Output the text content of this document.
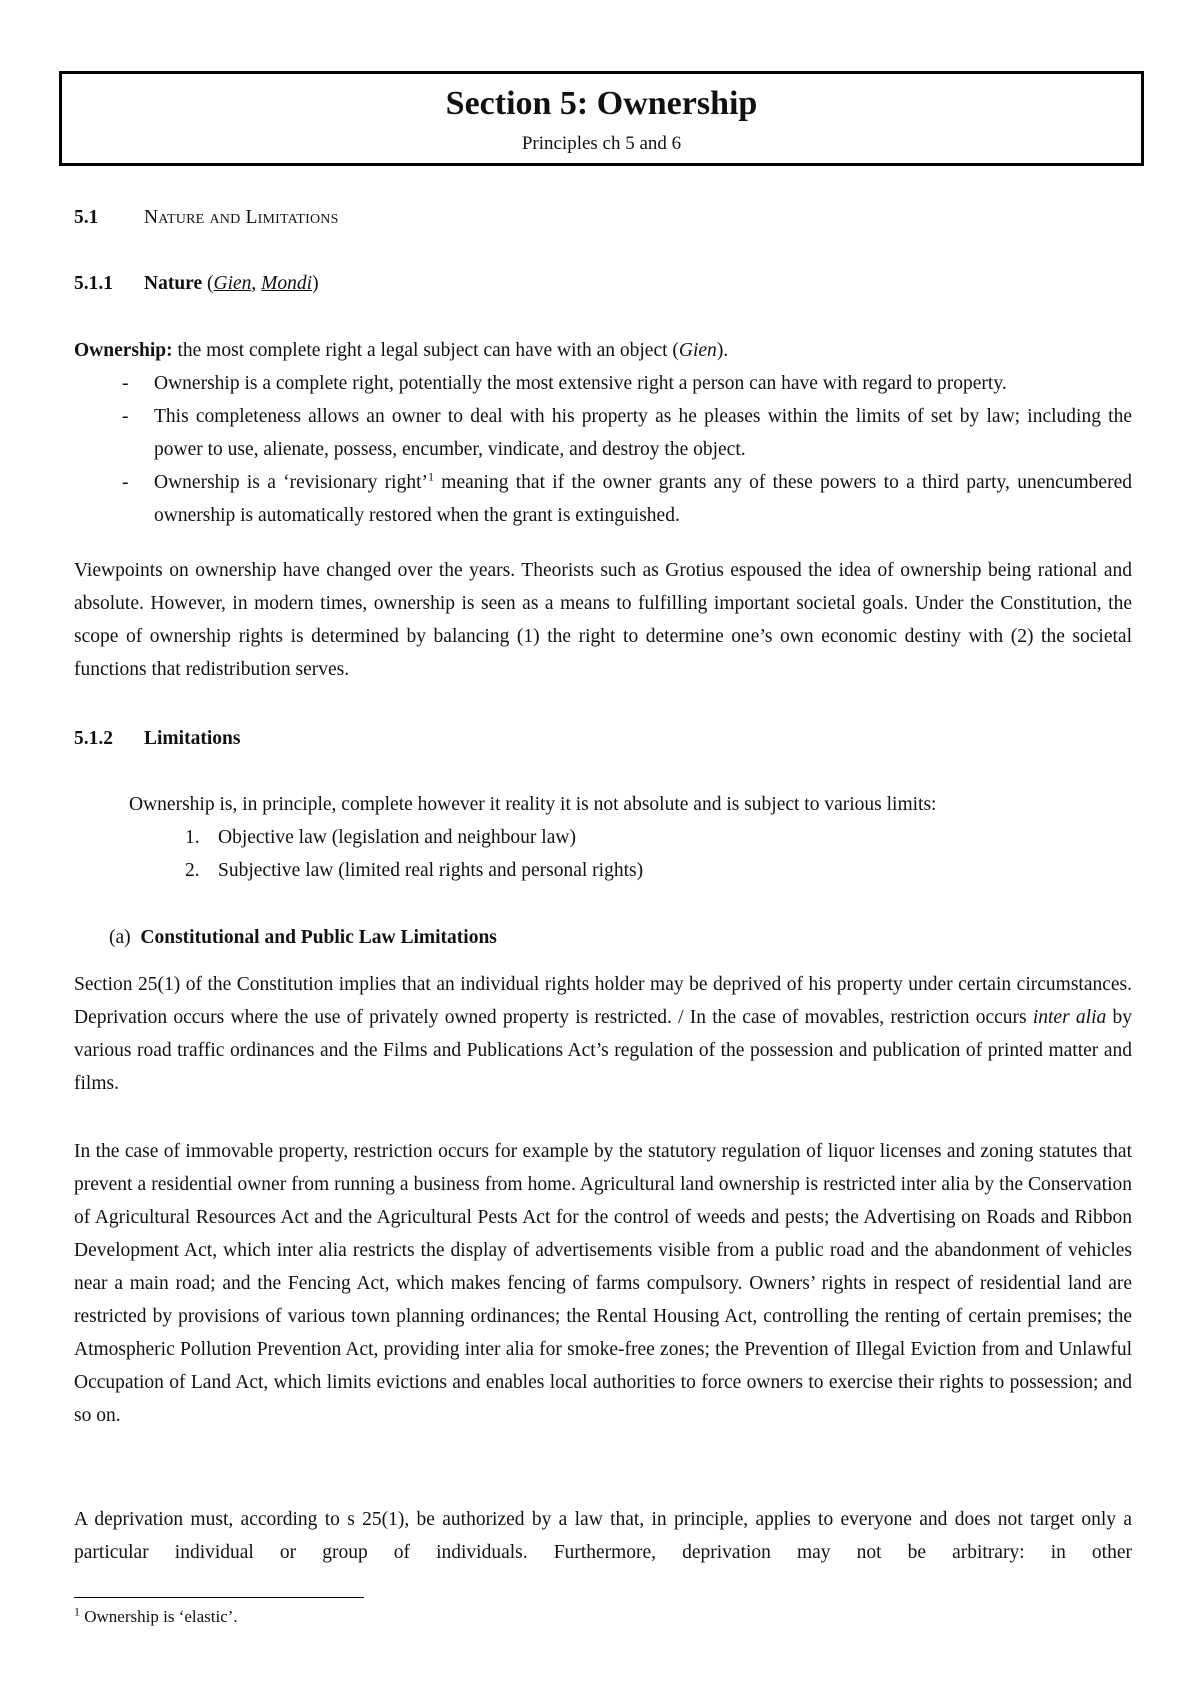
Section 5: Ownership
Principles ch 5 and 6
5.1 Nature and Limitations
5.1.1 Nature (Gien, Mondi)
Ownership: the most complete right a legal subject can have with an object (Gien).
- Ownership is a complete right, potentially the most extensive right a person can have with regard to property.
- This completeness allows an owner to deal with his property as he pleases within the limits of set by law; including the power to use, alienate, possess, encumber, vindicate, and destroy the object.
- Ownership is a ‘revisionary right’$^1$ meaning that if the owner grants any of these powers to a third party, unencumbered ownership is automatically restored when the grant is extinguished.
Viewpoints on ownership have changed over the years. Theorists such as Grotius espoused the idea of ownership being rational and absolute. However, in modern times, ownership is seen as a means to fulfilling important societal goals. Under the Constitution, the scope of ownership rights is determined by balancing (1) the right to determine one’s own economic destiny with (2) the societal functions that redistribution serves.
5.1.2 Limitations
Ownership is, in principle, complete however it reality it is not absolute and is subject to various limits:
1. Objective law (legislation and neighbour law)
2. Subjective law (limited real rights and personal rights)
(a) Constitutional and Public Law Limitations
Section 25(1) of the Constitution implies that an individual rights holder may be deprived of his property under certain circumstances. Deprivation occurs where the use of privately owned property is restricted. / In the case of movables, restriction occurs inter alia by various road traffic ordinances and the Films and Publications Act’s regulation of the possession and publication of printed matter and films.
In the case of immovable property, restriction occurs for example by the statutory regulation of liquor licenses and zoning statutes that prevent a residential owner from running a business from home. Agricultural land ownership is restricted inter alia by the Conservation of Agricultural Resources Act and the Agricultural Pests Act for the control of weeds and pests; the Advertising on Roads and Ribbon Development Act, which inter alia restricts the display of advertisements visible from a public road and the abandonment of vehicles near a main road; and the Fencing Act, which makes fencing of farms compulsory. Owners’ rights in respect of residential land are restricted by provisions of various town planning ordinances; the Rental Housing Act, controlling the renting of certain premises; the Atmospheric Pollution Prevention Act, providing inter alia for smoke-free zones; the Prevention of Illegal Eviction from and Unlawful Occupation of Land Act, which limits evictions and enables local authorities to force owners to exercise their rights to possession; and so on.
A deprivation must, according to s 25(1), be authorized by a law that, in principle, applies to everyone and does not target only a particular individual or group of individuals. Furthermore, deprivation may not be arbitrary: in other
$^1$ Ownership is ‘elastic’.
